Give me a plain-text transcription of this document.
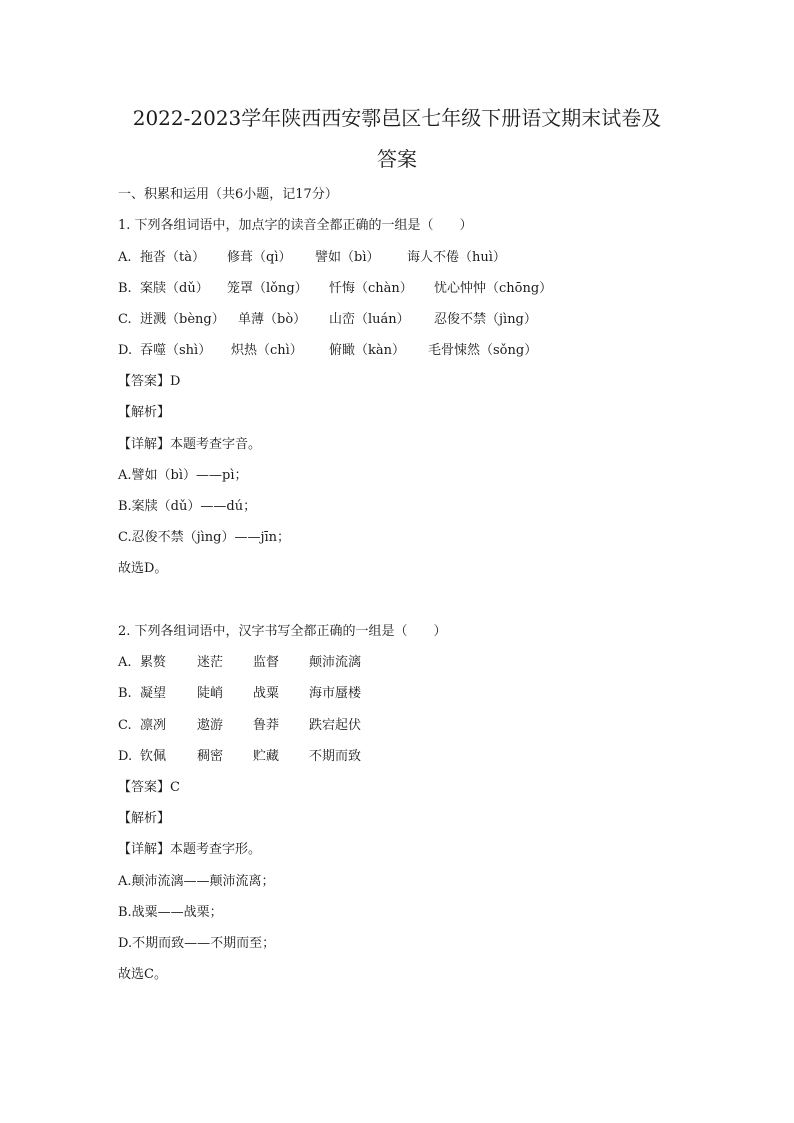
2022-2023学年陕西西安鄠邑区七年级下册语文期末试卷及
答案
一、积累和运用（共6小题，记17分）
1. 下列各组词语中，加点字的读音全都正确的一组是（　　）
A. 拖沓（tà） 修葺（qì） 譬如（bì） 诲人不倦（huì）
B. 案牍（dǔ） 笼罩（lǒng） 忏悔（chàn） 忧心忡忡（chōng）
C. 迸溅（bèng） 单薄（bò） 山峦（luán） 忍俊不禁（jìng）
D. 吞噬（shì） 炽热（chì） 俯瞰（kàn） 毛骨悚然（sǒng）
【答案】D
【解析】
【详解】本题考查字音。
A.譬如（bì）——pì；
B.案牍（dǔ）——dú；
C.忍俊不禁（jìng）——jīn；
故选D。
2. 下列各组词语中，汉字书写全都正确的一组是（　　）
A. 累赘 迷茫 监督 颠沛流漓
B. 凝望 陡峭 战粟 海市蜃楼
C. 凛冽 遨游 鲁莽 跌宕起伏
D. 钦佩 稠密 贮藏 不期而致
【答案】C
【解析】
【详解】本题考查字形。
A.颠沛流漓——颠沛流离；
B.战粟——战栗；
D.不期而致——不期而至；
故选C。
